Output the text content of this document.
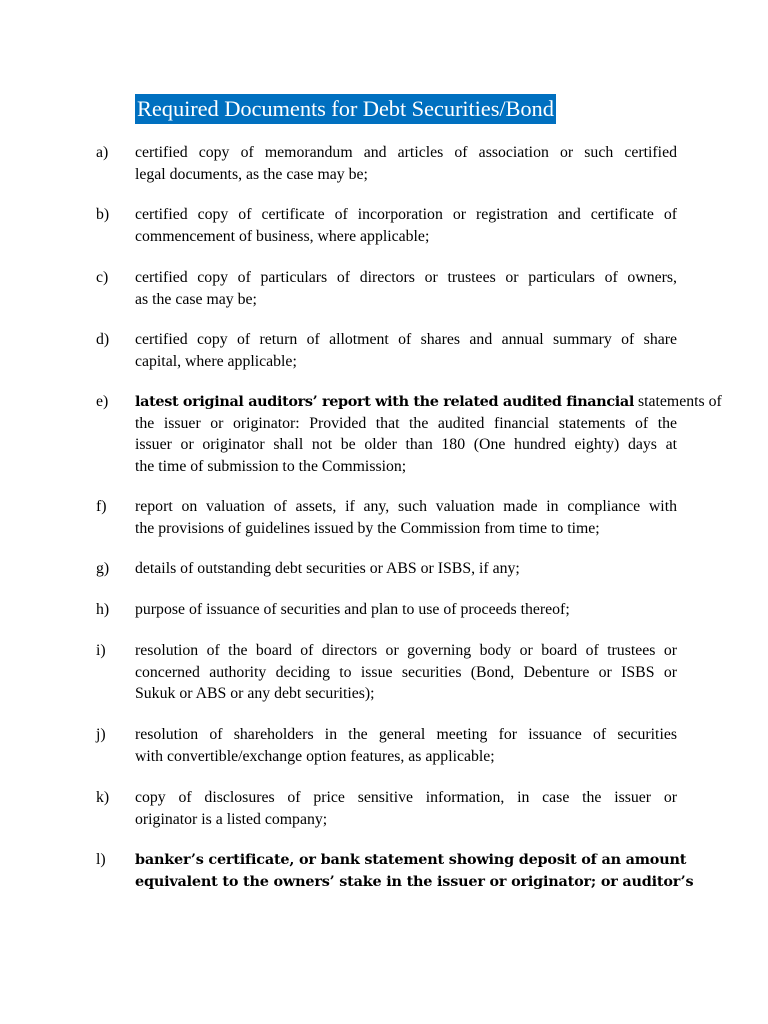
Required Documents for Debt Securities/Bond
a)	certified copy of memorandum and articles of association or such certified
legal documents, as the case may be;
b)	certified copy of certificate of incorporation or registration and certificate of
commencement of business, where applicable;
c)	certified copy of particulars of directors or trustees or particulars of owners,
as the case may be;
d)	certified copy of return of allotment of shares and annual summary of share
capital, where applicable;
e)	latest original auditors’ report with the related audited financial statements of
the issuer or originator: Provided that the audited financial statements of the
issuer or originator shall not be older than 180 (One hundred eighty) days at
the time of submission to the Commission;
f)	report on valuation of assets, if any, such valuation made in compliance with
the provisions of guidelines issued by the Commission from time to time;
g)	details of outstanding debt securities or ABS or ISBS, if any;
h)	purpose of issuance of securities and plan to use of proceeds thereof;
i)	resolution of the board of directors or governing body or board of trustees or
concerned authority deciding to issue securities (Bond, Debenture or ISBS or
Sukuk or ABS or any debt securities);
j)	resolution of shareholders in the general meeting for issuance of securities
with convertible/exchange option features, as applicable;
k)	copy of disclosures of price sensitive information, in case the issuer or
originator is a listed company;
l)	banker’s certificate, or bank statement showing deposit of an amount
equivalent to the owners’ stake in the issuer or originator; or auditor’s
